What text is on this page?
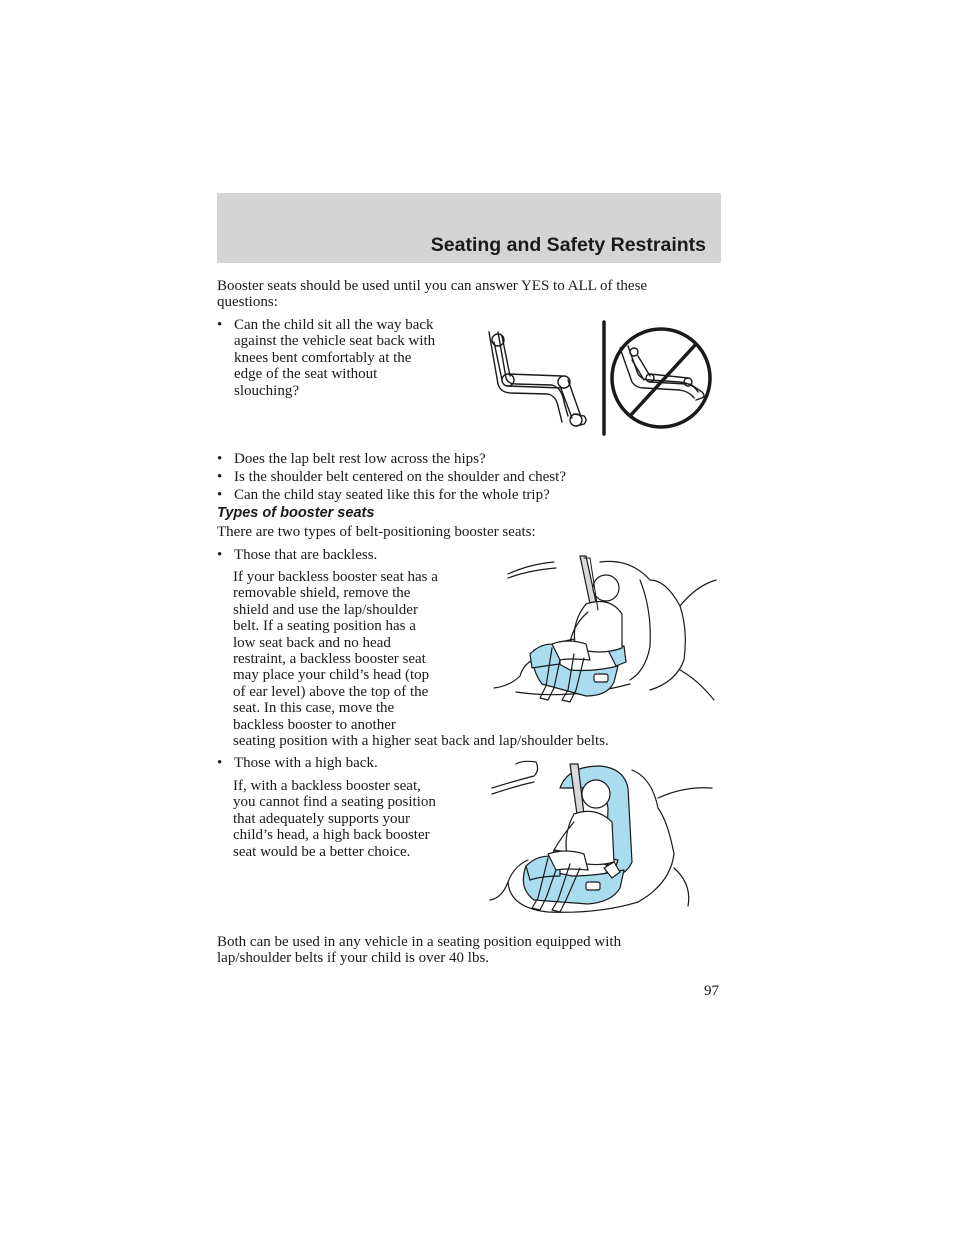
Seating and Safety Restraints

Booster seats should be used until you can answer YES to ALL of these
questions:

• Can the child sit all the way back
against the vehicle seat back with
knees bent comfortably at the
edge of the seat without
slouching?
• Does the lap belt rest low across the hips?
• Is the shoulder belt centered on the shoulder and chest?
• Can the child stay seated like this for the whole trip?
Types of booster seats

There are two types of belt-positioning booster seats:

• Those that are backless.

If your backless booster seat has a
removable shield, remove the
shield and use the lap/shoulder
belt. If a seating position has a
low seat back and no head
restraint, a backless booster seat
may place your child’s head (top
of ear level) above the top of the
seat. In this case, move the
backless booster to another
seating position with a higher seat back and lap/shoulder belts.

• Those with a high back.

If, with a backless booster seat,
you cannot find a seating position
that adequately supports your
child’s head, a high back booster
seat would be a better choice.

Both can be used in any vehicle in a seating position equipped with
lap/shoulder belts if your child is over 40 lbs.

97
